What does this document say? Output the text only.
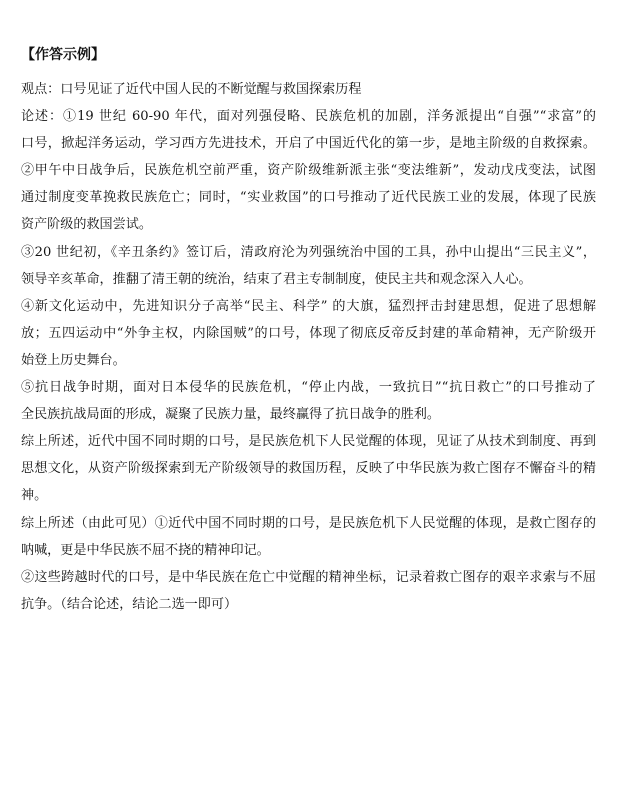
【作答示例】

观点：口号见证了近代中国人民的不断觉醒与救国探索历程

论述：①19 世纪 60-90 年代，面对列强侵略、民族危机的加剧，洋务派提出“自强”“求富”的

口号，掀起洋务运动，学习西方先进技术，开启了中国近代化的第一步，是地主阶级的自救探索。

②甲午中日战争后，民族危机空前严重，资产阶级维新派主张“变法维新”，发动戊戌变法，试图

通过制度变革挽救民族危亡；同时，“实业救国”的口号推动了近代民族工业的发展，体现了民族

资产阶级的救国尝试。

③20 世纪初，《辛丑条约》签订后，清政府沦为列强统治中国的工具，孙中山提出“三民主义”，

领导辛亥革命，推翻了清王朝的统治，结束了君主专制制度，使民主共和观念深入人心。

④新文化运动中，先进知识分子高举“民主、科学” 的大旗，猛烈抨击封建思想，促进了思想解

放；五四运动中“外争主权，内除国贼”的口号，体现了彻底反帝反封建的革命精神，无产阶级开

始登上历史舞台。

⑤抗日战争时期，面对日本侵华的民族危机，“停止内战，一致抗日”“抗日救亡”的口号推动了

全民族抗战局面的形成，凝聚了民族力量，最终赢得了抗日战争的胜利。

综上所述，近代中国不同时期的口号，是民族危机下人民觉醒的体现，见证了从技术到制度、再到

思想文化，从资产阶级探索到无产阶级领导的救国历程，反映了中华民族为救亡图存不懈奋斗的精

神。

综上所述（由此可见）①近代中国不同时期的口号，是民族危机下人民觉醒的体现，是救亡图存的

呐喊，更是中华民族不屈不挠的精神印记。

②这些跨越时代的口号，是中华民族在危亡中觉醒的精神坐标，记录着救亡图存的艰辛求索与不屈

抗争。（结合论述，结论二选一即可）
